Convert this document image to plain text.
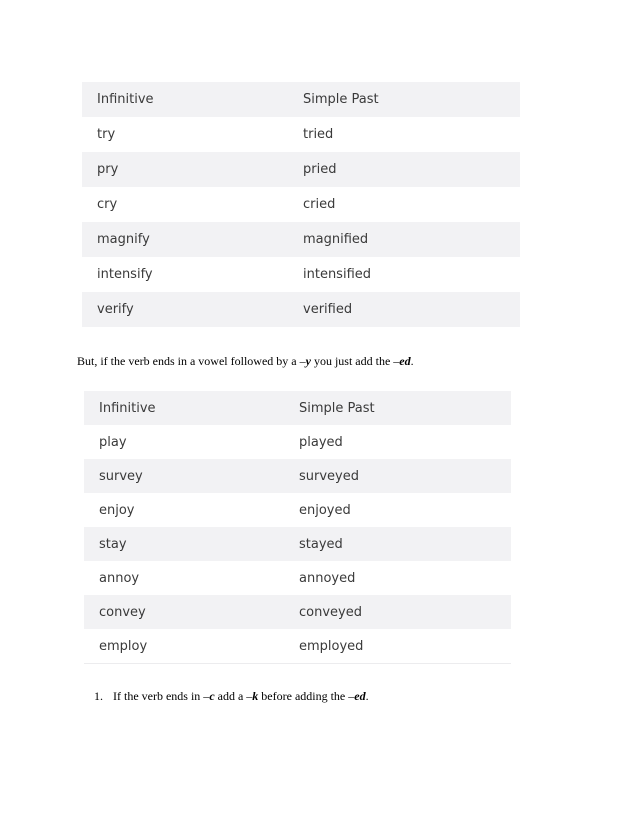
Infinitive	Simple Past
try	tried
pry	pried
cry	cried
magnify	magnified
intensify	intensified
verify	verified
But, if the verb ends in a vowel followed by a –y you just add the –ed.
Infinitive	Simple Past
play	played
survey	surveyed
enjoy	enjoyed
stay	stayed
annoy	annoyed
convey	conveyed
employ	employed
1. If the verb ends in –c add a –k before adding the –ed.
